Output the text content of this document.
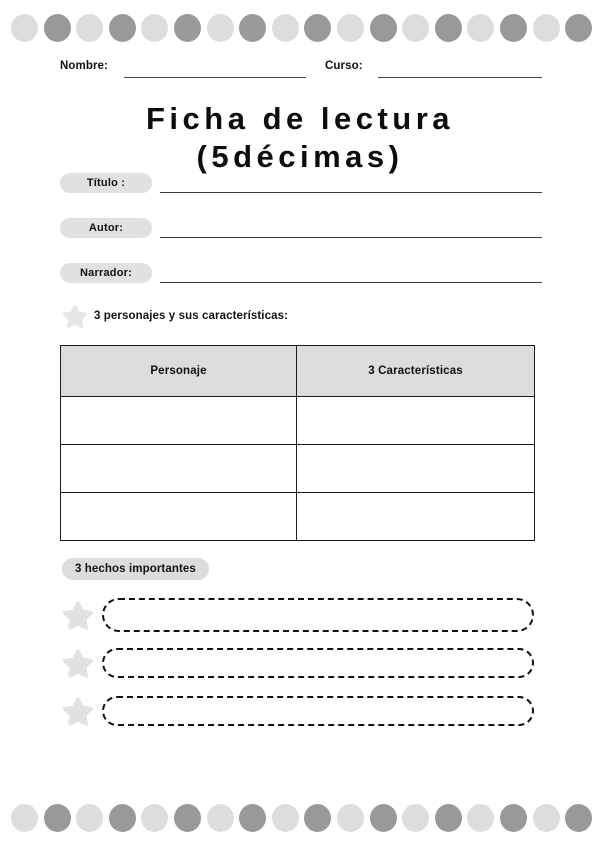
Nombre:	Curso:
Ficha de lectura
(5décimas)
Título :
Autor:
Narrador:
3 personajes y sus características:
Personaje	3 Características

3 hechos importantes
